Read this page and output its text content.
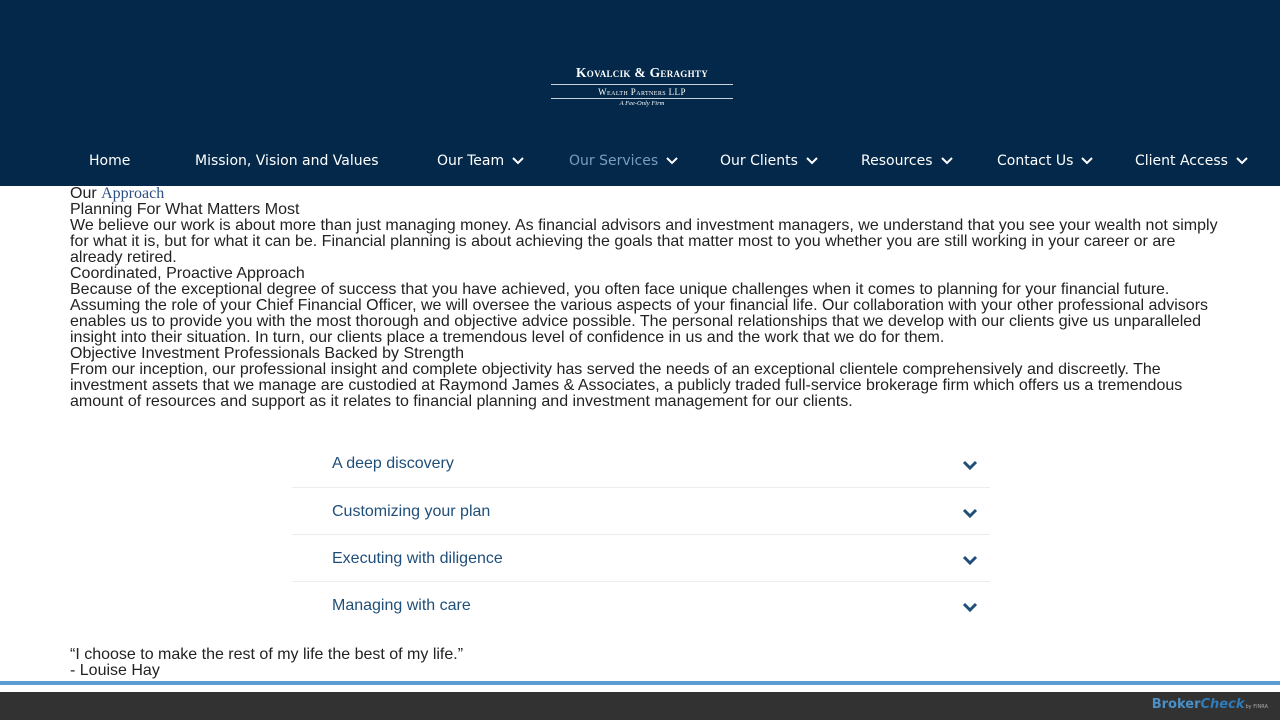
Kovalcik & Geraghty
Wealth Partners LLP
A Fee-Only Firm
Home	Mission, Vision and Values	Our Team	Our Services	Our Clients	Resources	Contact Us	Client Access

Our Approach

Planning For What Matters Most

We believe our work is about more than just managing money. As financial advisors and investment managers, we understand that you see your wealth not simply for what it is, but for what it can be. Financial planning is about achieving the goals that matter most to you whether you are still working in your career or are already retired.

Coordinated, Proactive Approach

Because of the exceptional degree of success that you have achieved, you often face unique challenges when it comes to planning for your financial future. Assuming the role of your Chief Financial Officer, we will oversee the various aspects of your financial life. Our collaboration with your other professional advisors enables us to provide you with the most thorough and objective advice possible. The personal relationships that we develop with our clients give us unparalleled insight into their situation. In turn, our clients place a tremendous level of confidence in us and the work that we do for them.

Objective Investment Professionals Backed by Strength

From our inception, our professional insight and complete objectivity has served the needs of an exceptional clientele comprehensively and discreetly. The investment assets that we manage are custodied at Raymond James & Associates, a publicly traded full-service brokerage firm which offers us a tremendous amount of resources and support as it relates to financial planning and investment management for our clients.

A deep discovery
Customizing your plan
Executing with diligence
Managing with care

“I choose to make the rest of my life the best of my life.”

- Louise Hay

Broker Check by FINRA
